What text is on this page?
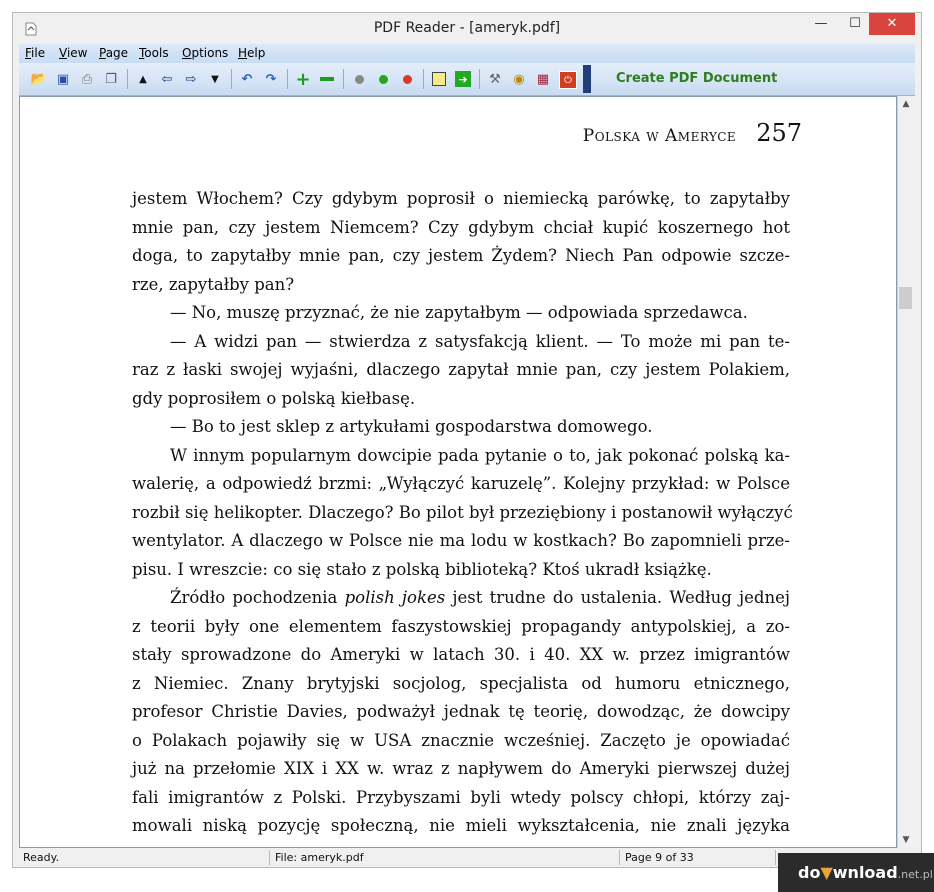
PDF Reader - [ameryk.pdf]	—	☐	✕
File View Page Tools Options Help
📂 ▣ ⎙ ❐	▲	⇦ ⇨	▼	↶ ↷ +	➔ ⚒ ◉ ▦	⏻	Create PDF Document
Polska w Ameryce 257
jestem Włochem? Czy gdybym poprosił o niemiecką parówkę, to zapytałby
mnie pan, czy jestem Niemcem? Czy gdybym chciał kupić koszernego hot
doga, to zapytałby mnie pan, czy jestem Żydem? Niech Pan odpowie szcze-
rze, zapytałby pan?
— No, muszę przyznać, że nie zapytałbym — odpowiada sprzedawca.
— A widzi pan — stwierdza z satysfakcją klient. — To może mi pan te-
raz z łaski swojej wyjaśni, dlaczego zapytał mnie pan, czy jestem Polakiem,
gdy poprosiłem o polską kiełbasę.
— Bo to jest sklep z artykułami gospodarstwa domowego.
W innym popularnym dowcipie pada pytanie o to, jak pokonać polską ka-
walerię, a odpowiedź brzmi: „Wyłączyć karuzelę”. Kolejny przykład: w Polsce
rozbił się helikopter. Dlaczego? Bo pilot był przeziębiony i postanowił wyłączyć
wentylator. A dlaczego w Polsce nie ma lodu w kostkach? Bo zapomnieli prze-
pisu. I wreszcie: co się stało z polską biblioteką? Ktoś ukradł książkę.
Źródło pochodzenia polish jokes jest trudne do ustalenia. Według jednej
z teorii były one elementem faszystowskiej propagandy antypolskiej, a zo-
stały sprowadzone do Ameryki w latach 30. i 40. XX w. przez imigrantów
z Niemiec. Znany brytyjski socjolog, specjalista od humoru etnicznego,
profesor Christie Davies, podważył jednak tę teorię, dowodząc, że dowcipy
o Polakach pojawiły się w USA znacznie wcześniej. Zaczęto je opowiadać
już na przełomie XIX i XX w. wraz z napływem do Ameryki pierwszej dużej
fali imigrantów z Polski. Przybyszami byli wtedy polscy chłopi, którzy zaj-
mowali niską pozycję społeczną, nie mieli wykształcenia, nie znali języka
▲
▼
Ready.	File: ameryk.pdf	Page 9 of 33
do▼wnload.net.pl
